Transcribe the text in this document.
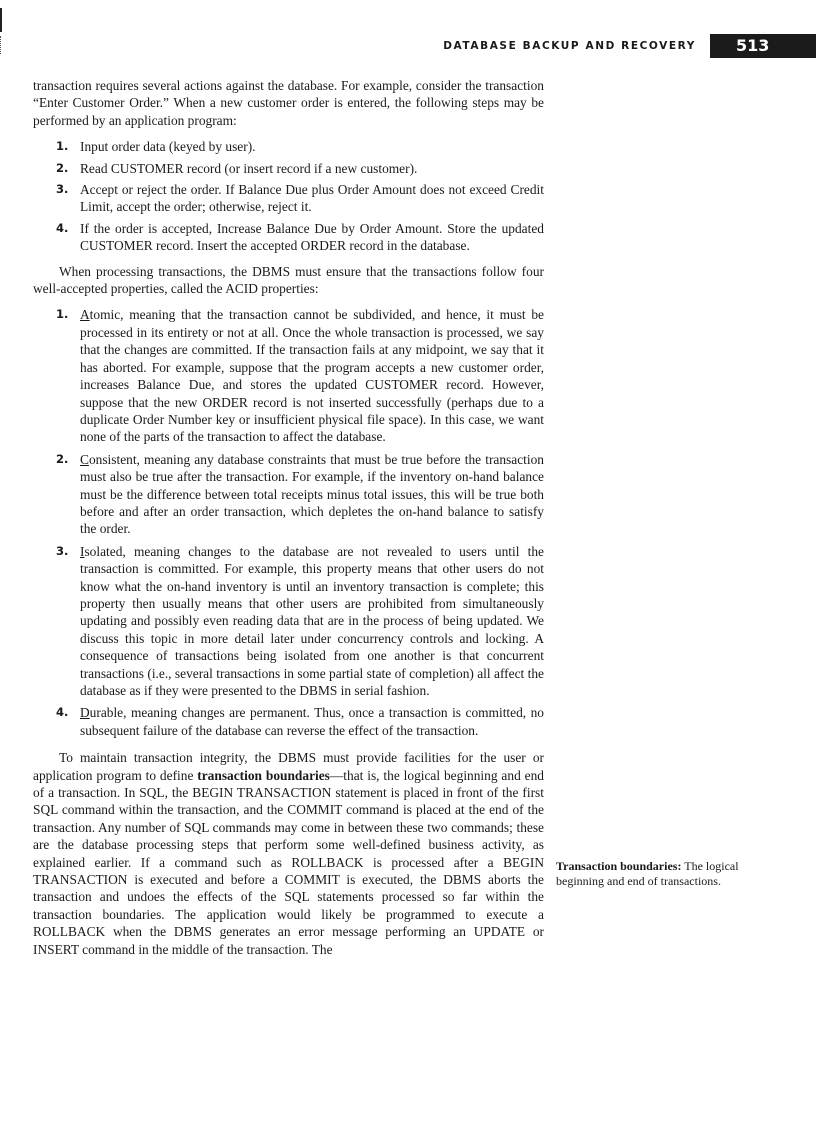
DATABASE BACKUP AND RECOVERY	513

transaction requires several actions against the database. For example, consider the transaction “Enter Customer Order.” When a new customer order is entered, the following steps may be performed by an application program:

1. Input order data (keyed by user).
2. Read CUSTOMER record (or insert record if a new customer).
3. Accept or reject the order. If Balance Due plus Order Amount does not exceed Credit Limit, accept the order; otherwise, reject it.
4. If the order is accepted, Increase Balance Due by Order Amount. Store the updated CUSTOMER record. Insert the accepted ORDER record in the database.

When processing transactions, the DBMS must ensure that the transactions follow four well-accepted properties, called the ACID properties:

1. Atomic, meaning that the transaction cannot be subdivided, and hence, it must be processed in its entirety or not at all. Once the whole transaction is processed, we say that the changes are committed. If the transaction fails at any midpoint, we say that it has aborted. For example, suppose that the program accepts a new customer order, increases Balance Due, and stores the updated CUSTOMER record. However, suppose that the new ORDER record is not inserted successfully (perhaps due to a duplicate Order Number key or insufficient physical file space). In this case, we want none of the parts of the transaction to affect the database.
2. Consistent, meaning any database constraints that must be true before the transaction must also be true after the transaction. For example, if the inventory on-hand balance must be the difference between total receipts minus total issues, this will be true both before and after an order transaction, which depletes the on-hand balance to satisfy the order.
3. Isolated, meaning changes to the database are not revealed to users until the transaction is committed. For example, this property means that other users do not know what the on-hand inventory is until an inventory transaction is complete; this property then usually means that other users are prohibited from simultaneously updating and possibly even reading data that are in the process of being updated. We discuss this topic in more detail later under concurrency controls and locking. A consequence of transactions being isolated from one another is that concurrent transactions (i.e., several transactions in some partial state of completion) all affect the database as if they were presented to the DBMS in serial fashion.
4. Durable, meaning changes are permanent. Thus, once a transaction is committed, no subsequent failure of the database can reverse the effect of the transaction.

To maintain transaction integrity, the DBMS must provide facilities for the user or application program to define transaction boundaries—that is, the logical beginning and end of a transaction. In SQL, the BEGIN TRANSACTION statement is placed in front of the first SQL command within the transaction, and the COMMIT command is placed at the end of the transaction. Any number of SQL commands may come in between these two commands; these are the database processing steps that perform some well-defined business activity, as explained earlier. If a command such as ROLLBACK is processed after a BEGIN TRANSACTION is executed and before a COMMIT is executed, the DBMS aborts the transaction and undoes the effects of the SQL statements processed so far within the transaction boundaries. The application would likely be programmed to execute a ROLLBACK when the DBMS generates an error message performing an UPDATE or INSERT command in the middle of the transaction. The

Transaction boundaries: The logical beginning and end of transactions.
